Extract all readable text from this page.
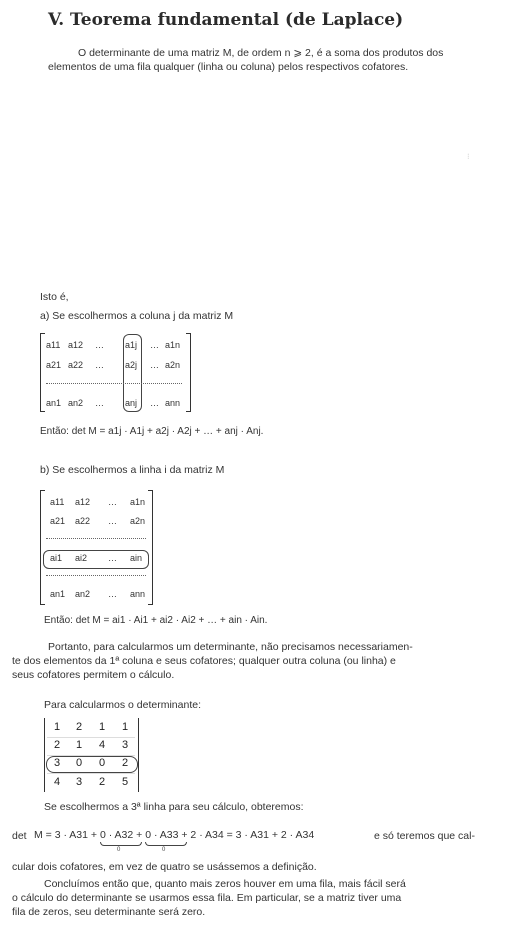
V. Teorema fundamental (de Laplace)
O determinante de uma matriz M, de ordem n ⩾ 2, é a soma dos produtos dos
elementos de uma fila qualquer (linha ou coluna) pelos respectivos cofatores.
⁝
Isto é,
a) Se escolhermos a coluna j da matriz M
a11 a12 … a1j … a1n
a21 a22 … a2j … a2n
an1 an2 … anj … ann
Então: det M = a1j · A1j + a2j · A2j + … + anj · Anj.
b) Se escolhermos a linha i da matriz M
a11 a12 … a1n
a21 a22 … a2n
ai1 ai2 … ain
an1 an2 … ann
Então: det M = ai1 · Ai1 + ai2 · Ai2 + … + ain · Ain.
Portanto, para calcularmos um determinante, não precisamos necessariamen-
te dos elementos da 1ª coluna e seus cofatores; qualquer outra coluna (ou linha) e
seus cofatores permitem o cálculo.
Para calcularmos o determinante:
1	2	1	1
2	1	4	3
3	0	0	2
4	3	2	5
Se escolhermos a 3ª linha para seu cálculo, obteremos:
det M = 3 · A31 + 0 · A32 + 0 · A33 + 2 · A34 = 3 · A31 + 2 · A34	e só teremos que cal-
0	0
cular dois cofatores, em vez de quatro se usássemos a definição.
Concluímos então que, quanto mais zeros houver em uma fila, mais fácil será
o cálculo do determinante se usarmos essa fila. Em particular, se a matriz tiver uma
fila de zeros, seu determinante será zero.
